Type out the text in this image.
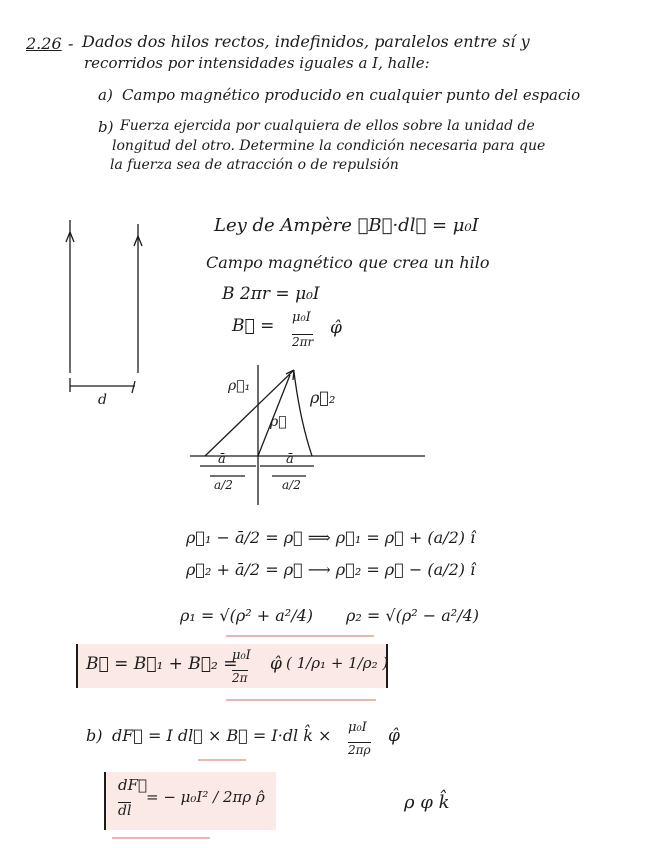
2.26 - Dados dos hilos rectos, indefinidos, paralelos entre sí y
recorridos por intensidades iguales a I, halle:
a) Campo magnético producido en cualquier punto del espacio
b) Fuerza ejercida por cualquiera de ellos sobre la unidad de
longitud del otro. Determine la condición necesaria para que
la fuerza sea de atracción o de repulsión
Ley de Ampère ∮B⃗·dl⃗ = μ₀I
Campo magnético que crea un hilo
B 2πr = μ₀I
B⃗ = μ₀I
2πr
φ̂
ρ⃗₁
ρ⃗₂
ρ⃗
ā	ā
a/2	a/2
d
ρ⃗₁ − ā/2 = ρ⃗ ⟹ ρ⃗₁ = ρ⃗ + (a/2) î
ρ⃗₂ + ā/2 = ρ⃗ ⟶ ρ⃗₂ = ρ⃗ − (a/2) î
ρ₁ = √(ρ² + a²/4) ρ₂ = √(ρ² − a²/4)
B⃗ = B⃗₁ + B⃗₂ =
μ₀I
2π
φ̂ ( 1/ρ₁ + 1/ρ₂ )
b) dF⃗ = I dl⃗ × B⃗ = I·dl k̂ × μ₀I
2πρ
φ̂
dF⃗
dl
= − μ₀I² / 2πρ ρ̂	ρ φ k̂
